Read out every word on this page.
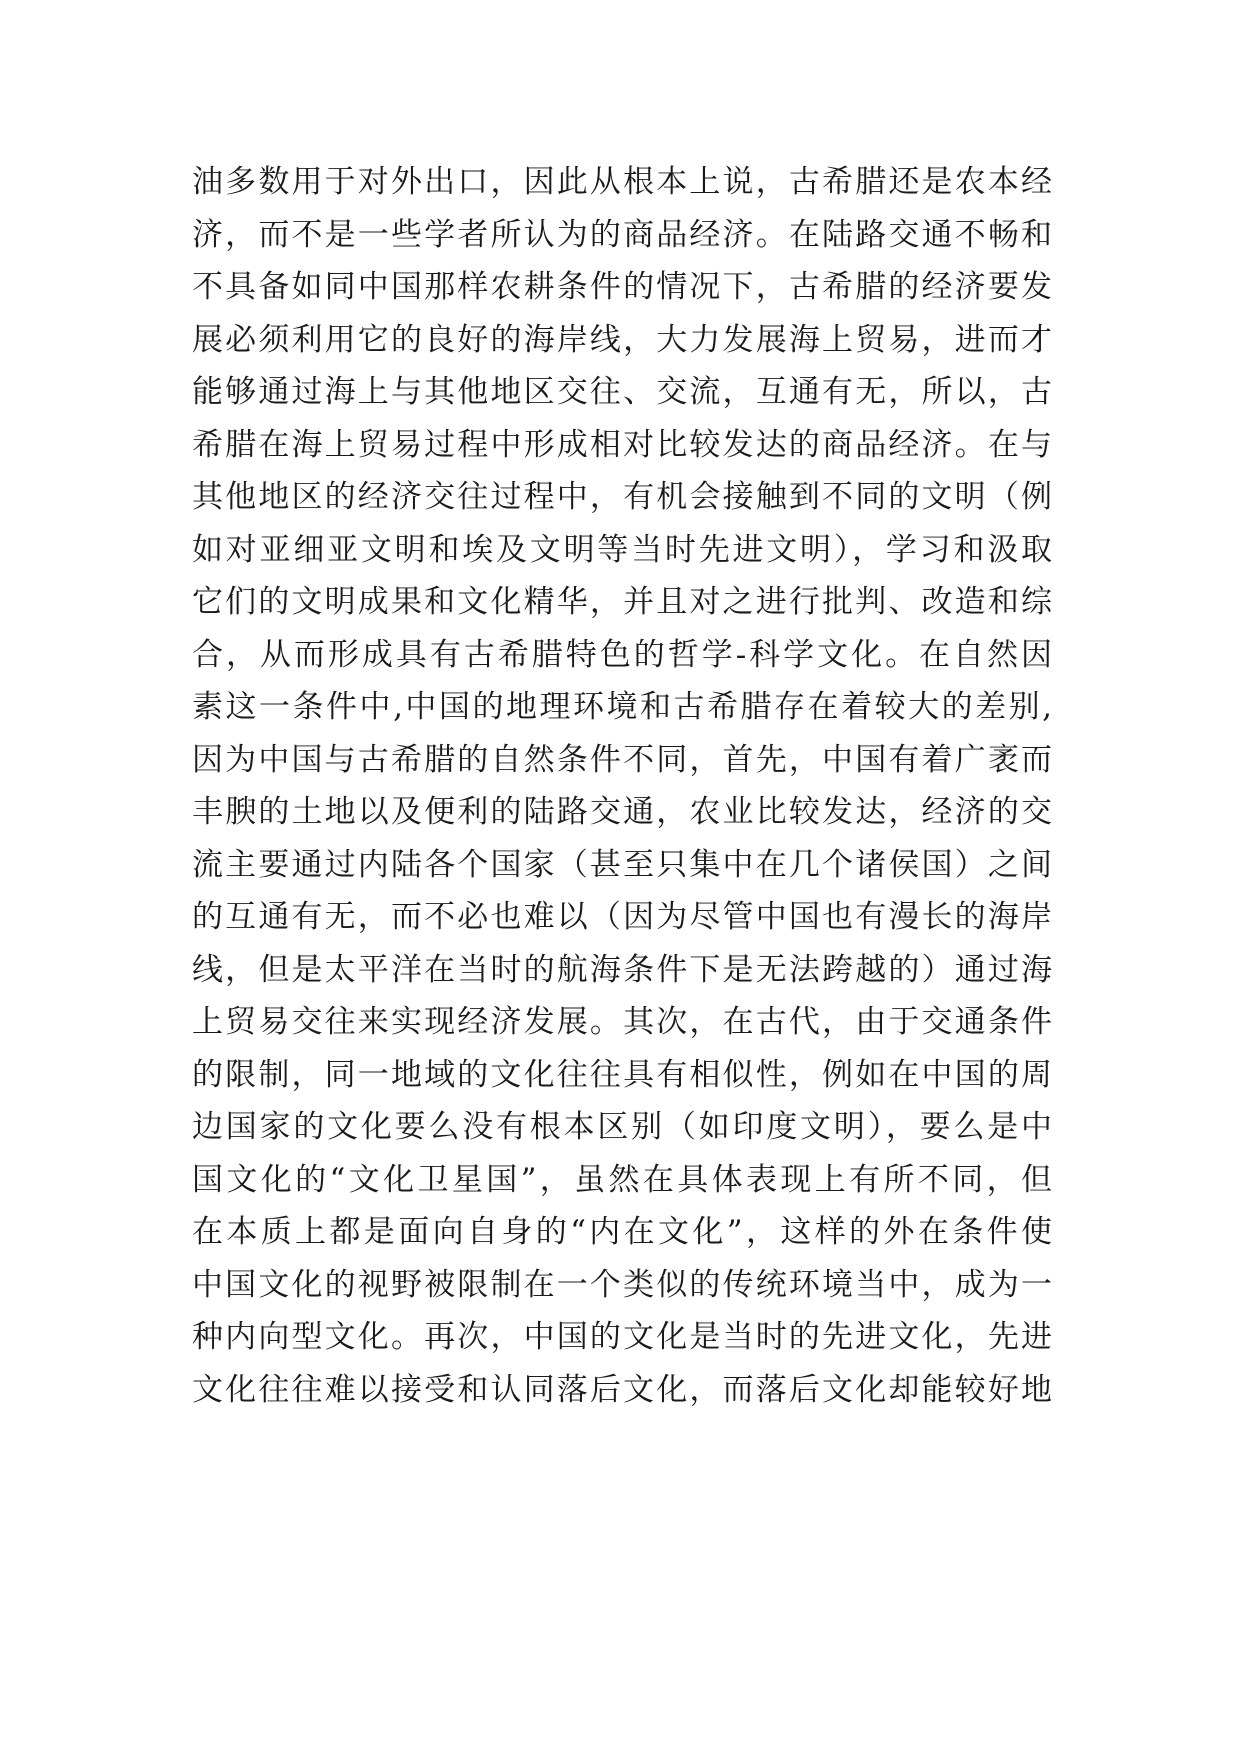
油多数用于对外出口，因此从根本上说，古希腊还是农本经
济，而不是一些学者所认为的商品经济。在陆路交通不畅和
不具备如同中国那样农耕条件的情况下，古希腊的经济要发
展必须利用它的良好的海岸线，大力发展海上贸易，进而才
能够通过海上与其他地区交往、交流，互通有无，所以，古
希腊在海上贸易过程中形成相对比较发达的商品经济。在与
其他地区的经济交往过程中，有机会接触到不同的文明（例
如对亚细亚文明和埃及文明等当时先进文明），学习和汲取
它们的文明成果和文化精华，并且对之进行批判、改造和综
合，从而形成具有古希腊特色的哲学-科学文化。在自然因
素这一条件中,中国的地理环境和古希腊存在着较大的差别,
因为中国与古希腊的自然条件不同，首先，中国有着广袤而
丰腴的土地以及便利的陆路交通，农业比较发达，经济的交
流主要通过内陆各个国家（甚至只集中在几个诸侯国）之间
的互通有无，而不必也难以（因为尽管中国也有漫长的海岸
线，但是太平洋在当时的航海条件下是无法跨越的）通过海
上贸易交往来实现经济发展。其次，在古代，由于交通条件
的限制，同一地域的文化往往具有相似性，例如在中国的周
边国家的文化要么没有根本区别（如印度文明），要么是中
国文化的“文化卫星国”，虽然在具体表现上有所不同，但
在本质上都是面向自身的“内在文化”，这样的外在条件使
中国文化的视野被限制在一个类似的传统环境当中，成为一
种内向型文化。再次，中国的文化是当时的先进文化，先进
文化往往难以接受和认同落后文化，而落后文化却能较好地
